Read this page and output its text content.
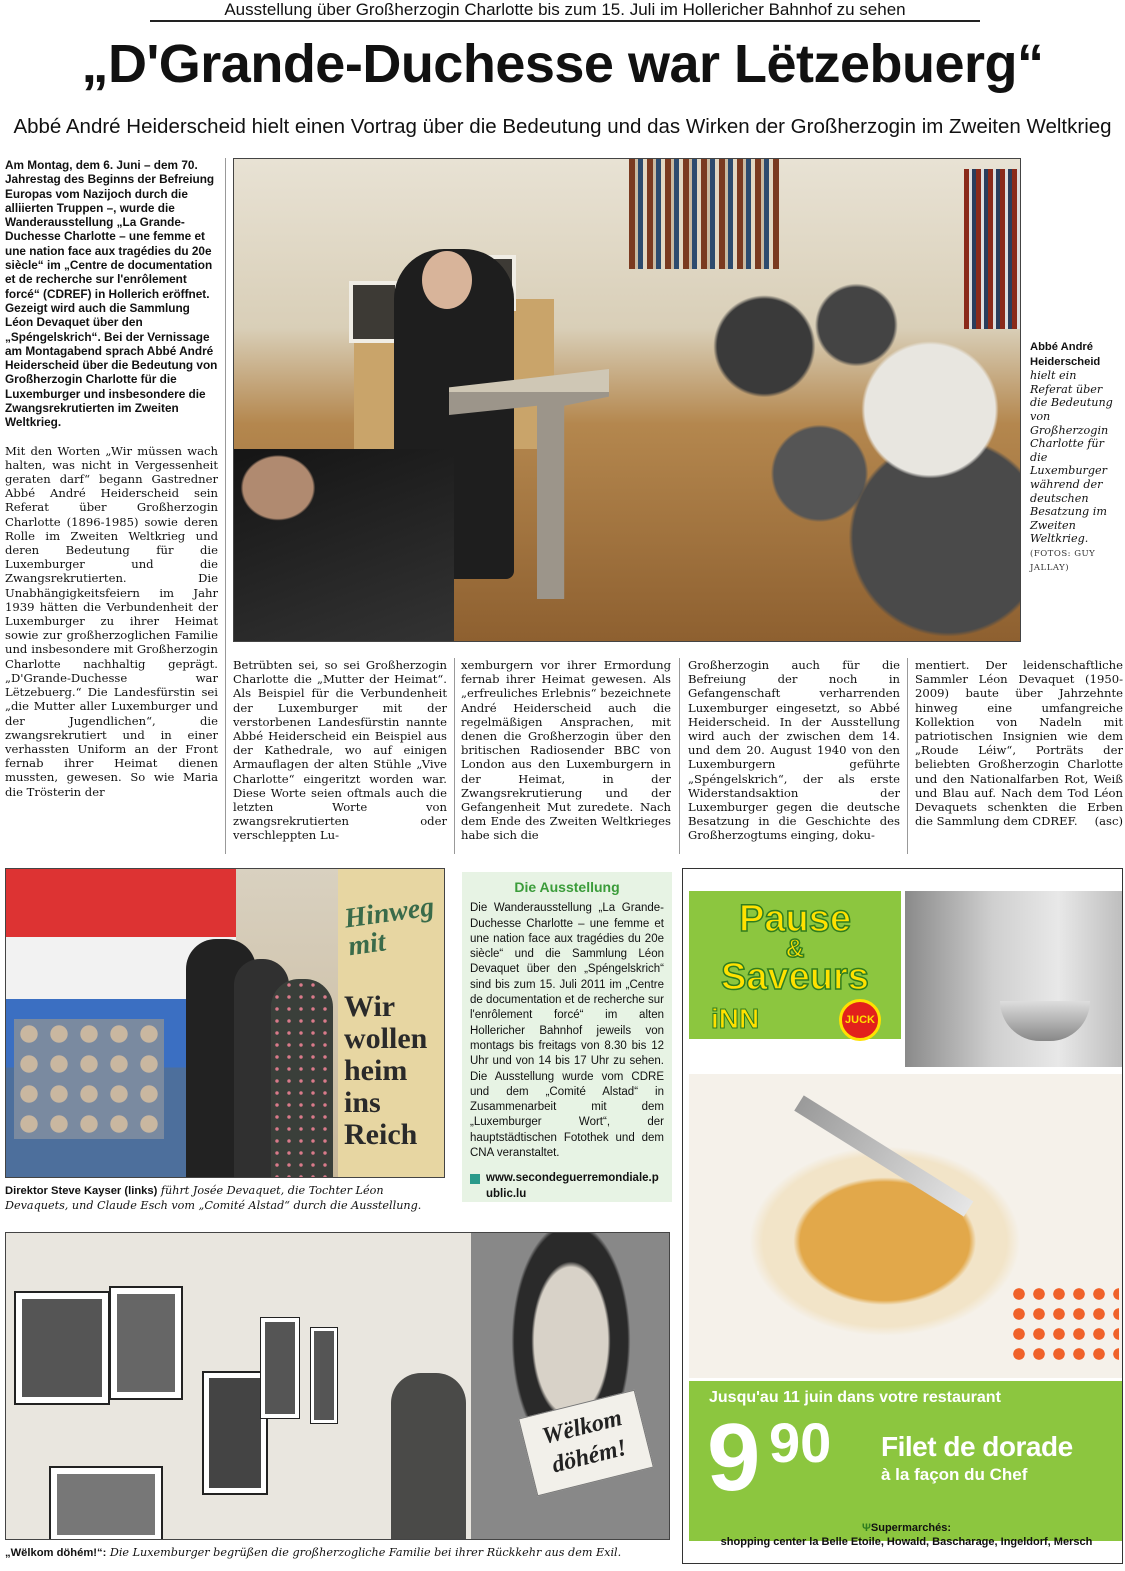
Ausstellung über Großherzogin Charlotte bis zum 15. Juli im Hollericher Bahnhof zu sehen
„D'Grande-Duchesse war Lëtzebuerg“
Abbé André Heiderscheid hielt einen Vortrag über die Bedeutung und das Wirken der Großherzogin im Zweiten Weltkrieg

Am Montag, dem 6. Juni – dem 70. Jahrestag des Beginns der Befreiung Europas vom Nazijoch durch die alliierten Truppen –, wurde die Wanderausstellung „La Grande-Duchesse Charlotte – une femme et une nation face aux tragédies du 20e siècle“ im „Centre de documentation et de recherche sur l'enrôlement forcé“ (CDREF) in Hollerich eröffnet. Gezeigt wird auch die Sammlung Léon Devaquet über den „Spéngelskrich“. Bei der Vernissage am Montagabend sprach Abbé André Heiderscheid über die Bedeutung von Großherzogin Charlotte für die Luxemburger und insbesondere die Zwangsrekrutierten im Zweiten Weltkrieg.

Mit den Worten „Wir müssen wach halten, was nicht in Vergessenheit geraten darf“ begann Gastredner Abbé André Heiderscheid sein Referat über Großherzogin Charlotte (1896-1985) sowie deren Rolle im Zweiten Weltkrieg und deren Bedeutung für die Luxemburger und die Zwangsrekrutierten. Die Unabhängigkeitsfeiern im Jahr 1939 hätten die Verbundenheit der Luxemburger zu ihrer Heimat sowie zur großherzoglichen Familie und insbesondere mit Großherzogin Charlotte nachhaltig geprägt. „D'Grande-Duchesse war Lëtzebuerg.“ Die Landesfürstin sei „die Mutter aller Luxemburger und der Jugendlichen“, die zwangsrekrutiert und in einer verhassten Uniform an der Front fernab ihrer Heimat dienen mussten, gewesen. So wie Maria die Trösterin der

Abbé André Heiderscheid hielt ein Referat über die Bedeutung von Großherzogin Charlotte für die Luxemburger während der deutschen Besatzung im Zweiten Weltkrieg.
(FOTOS: GUY JALLAY)

Betrübten sei, so sei Großherzogin Charlotte die „Mutter der Heimat“. Als Beispiel für die Verbundenheit der Luxemburger mit der verstorbenen Landesfürstin nannte Abbé Heiderscheid ein Beispiel aus der Kathedrale, wo auf einigen Armauflagen der alten Stühle „Vive Charlotte“ eingeritzt worden war. Diese Worte seien oftmals auch die letzten Worte von zwangsrekrutierten oder verschleppten Lu-

xemburgern vor ihrer Ermordung fernab ihrer Heimat gewesen. Als „erfreuliches Erlebnis“ bezeichnete André Heiderscheid auch die regelmäßigen Ansprachen, mit denen die Großherzogin über den britischen Radiosender BBC von London aus den Luxemburgern in der Heimat, in der Zwangsrekrutierung und der Gefangenheit Mut zuredete. Nach dem Ende des Zweiten Weltkrieges habe sich die

Großherzogin auch für die Befreiung der noch in Gefangenschaft verharrenden Luxemburger eingesetzt, so Abbé Heiderscheid. In der Ausstellung wird auch der zwischen dem 14. und dem 20. August 1940 von den Luxemburgern geführte „Spéngelskrich“, der als erste Widerstandsaktion der Luxemburger gegen die deutsche Besatzung in die Geschichte des Großherzogtums einging, doku-

mentiert. Der leidenschaftliche Sammler Léon Devaquet (1950-2009) baute über Jahrzehnte hinweg eine umfangreiche Kollektion von Nadeln mit patriotischen Insignien wie dem „Roude Léiw“, Porträts der beliebten Großherzogin Charlotte und den Nationalfarben Rot, Weiß und Blau auf. Nach dem Tod Léon Devaquets schenkten die Erben die Sammlung dem CDREF. (asc)

Hinweg mit
Wir wollen heim ins Reich
Direktor Steve Kayser (links) führt Josée Devaquet, die Tochter Léon Devaquets, und Claude Esch vom „Comité Alstad“ durch die Ausstellung.
Die Ausstellung
Die Wanderausstellung „La Grande-Duchesse Charlotte – une femme et une nation face aux tragédies du 20e siècle“ und die Sammlung Léon Devaquet über den „Spéngelskrich“ sind bis zum 15. Juli 2011 im „Centre de documentation et de recherche sur l'enrôlement forcé“ im alten Hollericher Bahnhof jeweils von montags bis freitags von 8.30 bis 12 Uhr und von 14 bis 17 Uhr zu sehen. Die Ausstellung wurde vom CDRE und dem „Comité Alstad“ in Zusammenarbeit mit dem „Luxemburger Wort“, der hauptstädtischen Fotothek und dem CNA veranstaltet.
www.secondeguerremondiale.public.lu
Wëlkom döhém!
„Wëlkom döhém!“: Die Luxemburger begrüßen die großherzogliche Familie bei ihrer Rückkehr aus dem Exil.
Pause
&
Saveurs
iNN	JUCK
Jusqu'au 11 juin dans votre restaurant
9 90 Filet de dorade
à la façon du Chef
ΨSupermarchés:
shopping center la Belle Etoile, Howald, Bascharage, Ingeldorf, Mersch
